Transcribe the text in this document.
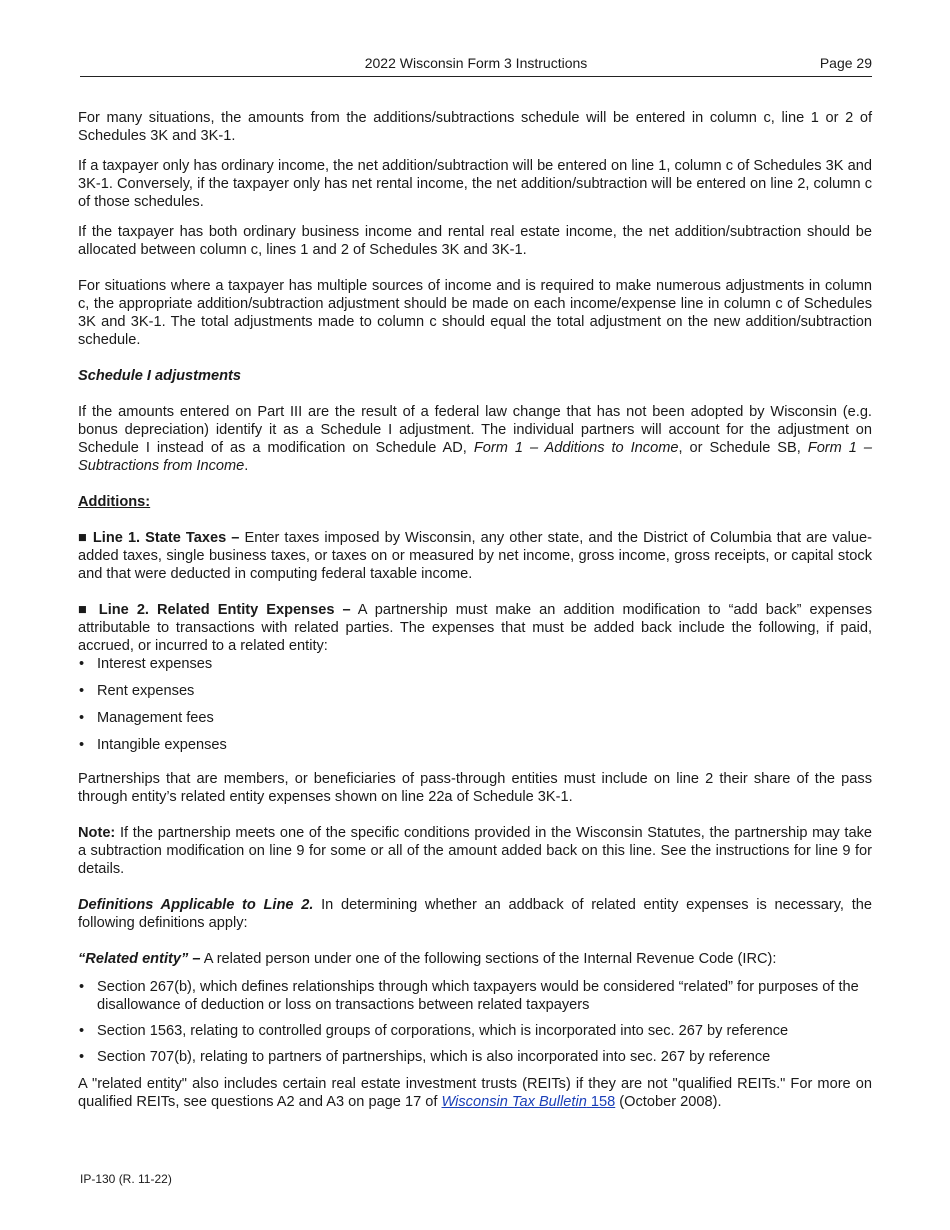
2022 Wisconsin Form 3 Instructions	Page 29

For many situations, the amounts from the additions/subtractions schedule will be entered in column c, line 1 or 2 of Schedules 3K and 3K-1.

If a taxpayer only has ordinary income, the net addition/subtraction will be entered on line 1, column c of Schedules 3K and 3K-1. Conversely, if the taxpayer only has net rental income, the net addition/subtraction will be entered on line 2, column c of those schedules.

If the taxpayer has both ordinary business income and rental real estate income, the net addition/subtraction should be allocated between column c, lines 1 and 2 of Schedules 3K and 3K-1.

For situations where a taxpayer has multiple sources of income and is required to make numerous adjustments in column c, the appropriate addition/subtraction adjustment should be made on each income/expense line in column c of Schedules 3K and 3K-1. The total adjustments made to column c should equal the total adjustment on the new addition/subtraction schedule.

Schedule I adjustments

If the amounts entered on Part III are the result of a federal law change that has not been adopted by Wisconsin (e.g. bonus depreciation) identify it as a Schedule I adjustment. The individual partners will account for the adjustment on Schedule I instead of as a modification on Schedule AD, Form 1 – Additions to Income, or Schedule SB, Form 1 – Subtractions from Income.

Additions:

■ Line 1. State Taxes – Enter taxes imposed by Wisconsin, any other state, and the District of Columbia that are value-added taxes, single business taxes, or taxes on or measured by net income, gross income, gross receipts, or capital stock and that were deducted in computing federal taxable income.

■ Line 2. Related Entity Expenses – A partnership must make an addition modification to “add back” expenses attributable to transactions with related parties. The expenses that must be added back include the following, if paid, accrued, or incurred to a related entity:

• Interest expenses
• Rent expenses
• Management fees
• Intangible expenses

Partnerships that are members, or beneficiaries of pass-through entities must include on line 2 their share of the pass through entity’s related entity expenses shown on line 22a of Schedule 3K-1.

Note: If the partnership meets one of the specific conditions provided in the Wisconsin Statutes, the partnership may take a subtraction modification on line 9 for some or all of the amount added back on this line. See the instructions for line 9 for details.

Definitions Applicable to Line 2. In determining whether an addback of related entity expenses is necessary, the following definitions apply:

“Related entity” – A related person under one of the following sections of the Internal Revenue Code (IRC):

• Section 267(b), which defines relationships through which taxpayers would be considered “related” for purposes of the disallowance of deduction or loss on transactions between related taxpayers
• Section 1563, relating to controlled groups of corporations, which is incorporated into sec. 267 by reference
• Section 707(b), relating to partners of partnerships, which is also incorporated into sec. 267 by reference

A "related entity" also includes certain real estate investment trusts (REITs) if they are not "qualified REITs." For more on qualified REITs, see questions A2 and A3 on page 17 of Wisconsin Tax Bulletin 158 (October 2008).

IP-130 (R. 11-22)
